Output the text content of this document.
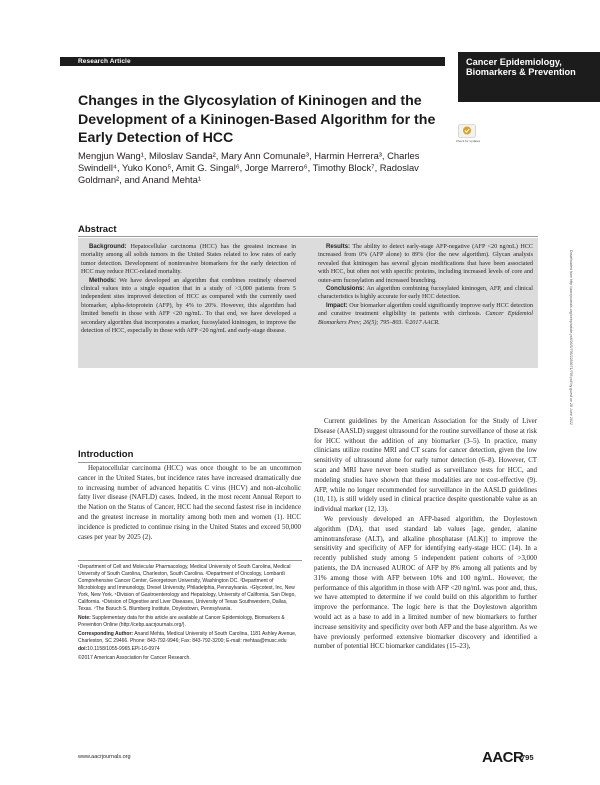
Research Article	Cancer Epidemiology, Biomarkers & Prevention
Changes in the Glycosylation of Kininogen and the Development of a Kininogen-Based Algorithm for the Early Detection of HCC
Mengjun Wang¹, Miloslav Sanda², Mary Ann Comunale³, Harmin Herrera³, Charles Swindell⁴, Yuko Kono⁵, Amit G. Singal⁶, Jorge Marrero⁶, Timothy Block⁷, Radoslav Goldman², and Anand Mehta¹
Check for updates
Abstract

Background: Hepatocellular carcinoma (HCC) has the greatest increase in mortality among all solids tumors in the United States related to low rates of early tumor detection. Development of noninvasive biomarkers for the early detection of HCC may reduce HCC-related mortality.

Methods: We have developed an algorithm that combines routinely observed clinical values into a single equation that in a study of >3,000 patients from 5 independent sites improved detection of HCC as compared with the currently used biomarker, alpha-fetoprotein (AFP), by 4% to 20%. However, this algorithm had limited benefit in those with AFP <20 ng/mL. To that end, we have developed a secondary algorithm that incorporates a marker, fucosylated kininogen, to improve the detection of HCC, especially in those with AFP <20 ng/mL and early-stage disease.

Results: The ability to detect early-stage AFP-negative (AFP <20 ng/mL) HCC increased from 0% (AFP alone) to 89% (for the new algorithm). Glycan analysis revealed that kininogen has several glycan modifications that have been associated with HCC, but often not with specific proteins, including increased levels of core and outer-arm fucosylation and increased branching.

Conclusions: An algorithm combining fucosylated kininogen, AFP, and clinical characteristics is highly accurate for early HCC detection.

Impact: Our biomarker algorithm could significantly improve early HCC detection and curative treatment eligibility in patients with cirrhosis. Cancer Epidemiol Biomarkers Prev; 26(5); 795–803. ©2017 AACR.	Downloaded from http://aacrjournals.org/cebp/article-pdf/26/5/795/2283671/795.pdf by guest on 28 June 2022
Introduction

Hepatocellular carcinoma (HCC) was once thought to be an uncommon cancer in the United States, but incidence rates have increased dramatically due to increasing number of advanced hepatitis C virus (HCV) and non-alcoholic fatty liver disease (NAFLD) cases. Indeed, in the most recent Annual Report to the Nation on the Status of Cancer, HCC had the second fastest rise in incidence and the greatest increase in mortality among both men and women (1). HCC incidence is predicted to continue rising in the United States and exceed 50,000 cases per year by 2025 (2).

Current guidelines by the American Association for the Study of Liver Disease (AASLD) suggest ultrasound for the routine surveillance of those at risk for HCC without the addition of any biomarker (3–5). In practice, many clinicians utilize routine MRI and CT scans for cancer detection, given the low sensitivity of ultrasound alone for early tumor detection (6–8). However, CT scan and MRI have never been studied as surveillance tests for HCC, and modeling studies have shown that these modalities are not cost-effective (9). AFP, while no longer recommended for surveillance in the AASLD guidelines (10, 11), is still widely used in clinical practice despite questionable value as an individual marker (12, 13).

We previously developed an AFP-based algorithm, the Doylestown algorithm (DA), that used standard lab values [age, gender, alanine aminotransferase (ALT), and alkaline phosphatase (ALK)] to improve the sensitivity and specificity of AFP for identifying early-stage HCC (14). In a recently published study among 5 independent patient cohorts of >3,000 patients, the DA increased AUROC of AFP by 8% among all patients and by 31% among those with AFP between 10% and 100 ng/mL. However, the performance of this algorithm in those with AFP <20 ng/mL was poor and, thus, we have attempted to determine if we could build on this algorithm to further improve the performance. The logic here is that the Doylestown algorithm would act as a base to add in a limited number of new biomarkers to further increase sensitivity and specificity over both AFP and the base algorithm. As we have previously performed extensive biomarker discovery and identified a number of potential HCC biomarker candidates (15–23),

¹Department of Cell and Molecular Pharmacology, Medical University of South Carolina, Medical University of South Carolina, Charleston, South Carolina. ²Department of Oncology, Lombardi Comprehensive Cancer Center, Georgetown University, Washington DC. ³Department of Microbiology and Immunology, Drexel University, Philadelphia, Pennsylvania. ⁴Glycotest, Inc, New York, New York. ⁵Division of Gastroenterology and Hepatology, University of California, San Diego, California. ⁶Division of Digestive and Liver Diseases, University of Texas Southwestern, Dallas, Texas. ⁷The Baruch S. Blumberg Institute, Doylestown, Pennsylvania.

Note: Supplementary data for this article are available at Cancer Epidemiology, Biomarkers & Prevention Online (http://cebp.aacrjournals.org/).

Corresponding Author: Anand Mehta, Medical University of South Carolina, 1181 Ashley Avenue, Charleston, SC 29466. Phone: 843-792-9946; Fax: 843-792-3200; E-mail: mehtaa@musc.edu

doi:10.1158/1055-9965.EPI-16-0974

©2017 American Association for Cancer Research.

www.aacrjournals.org	AACR
795
